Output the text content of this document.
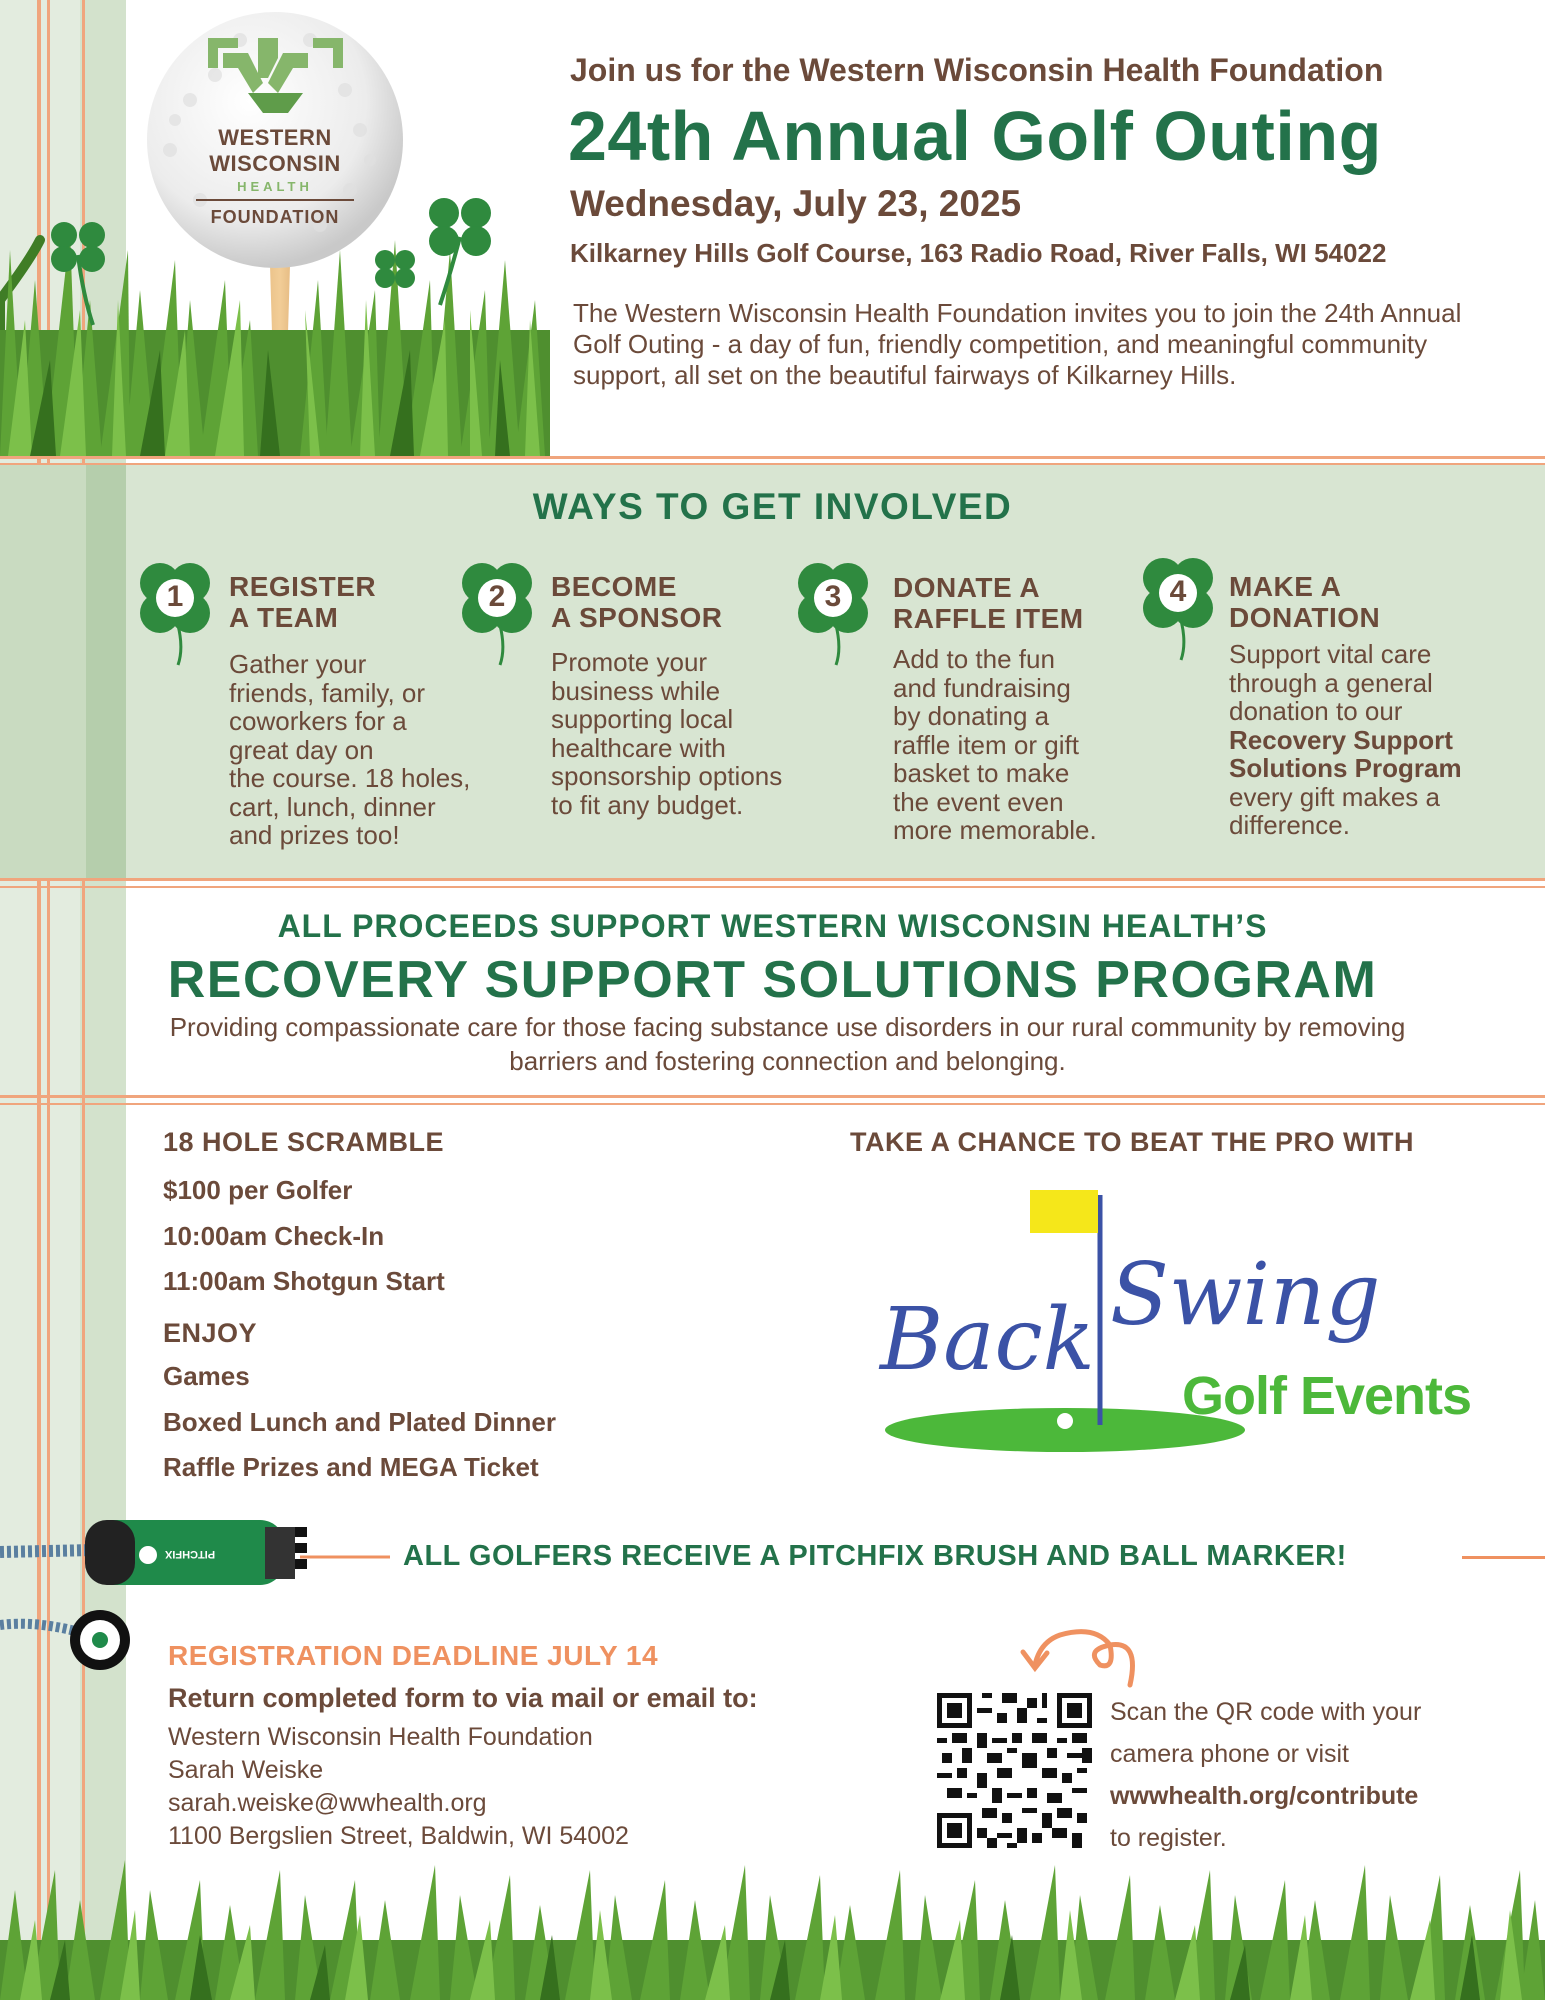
WESTERN
WISCONSIN
HEALTH
FOUNDATION
Join us for the Western Wisconsin Health Foundation
24th Annual Golf Outing
Wednesday, July 23, 2025
Kilkarney Hills Golf Course, 163 Radio Road, River Falls, WI 54022
The Western Wisconsin Health Foundation invites you to join the 24th Annual Golf Outing - a day of fun, friendly competition, and meaningful community support, all set on the beautiful fairways of Kilkarney Hills.
WAYS TO GET INVOLVED
1	REGISTER
A TEAM
Gather your
friends, family, or
coworkers for a
great day on
the course. 18 holes,
cart, lunch, dinner
and prizes too!
2	BECOME
A SPONSOR
Promote your
business while
supporting local
healthcare with
sponsorship options
to fit any budget.
3	DONATE A
RAFFLE ITEM
Add to the fun
and fundraising
by donating a
raffle item or gift
basket to make
the event even
more memorable.
4	MAKE A
DONATION
Support vital care
through a general
donation to our
Recovery Support
Solutions Program
every gift makes a
difference.
ALL PROCEEDS SUPPORT WESTERN WISCONSIN HEALTH’S
RECOVERY SUPPORT SOLUTIONS PROGRAM
Providing compassionate care for those facing substance use disorders in our rural community by removing barriers and fostering connection and belonging.
18 HOLE SCRAMBLE
$100 per Golfer
10:00am Check-In
11:00am Shotgun Start
ENJOY
Games
Boxed Lunch and Plated Dinner
Raffle Prizes and MEGA Ticket
TAKE A CHANCE TO BEAT THE PRO WITH
Back Swing
Golf Events
PITCHFIX	ALL GOLFERS RECEIVE A PITCHFIX BRUSH AND BALL MARKER!
REGISTRATION DEADLINE JULY 14
Return completed form to via mail or email to:
Western Wisconsin Health Foundation
Sarah Weiske
sarah.weiske@wwhealth.org
1100 Bergslien Street, Baldwin, WI 54002
Scan the QR code with your
camera phone or visit
wwwhealth.org/contribute
to register.
